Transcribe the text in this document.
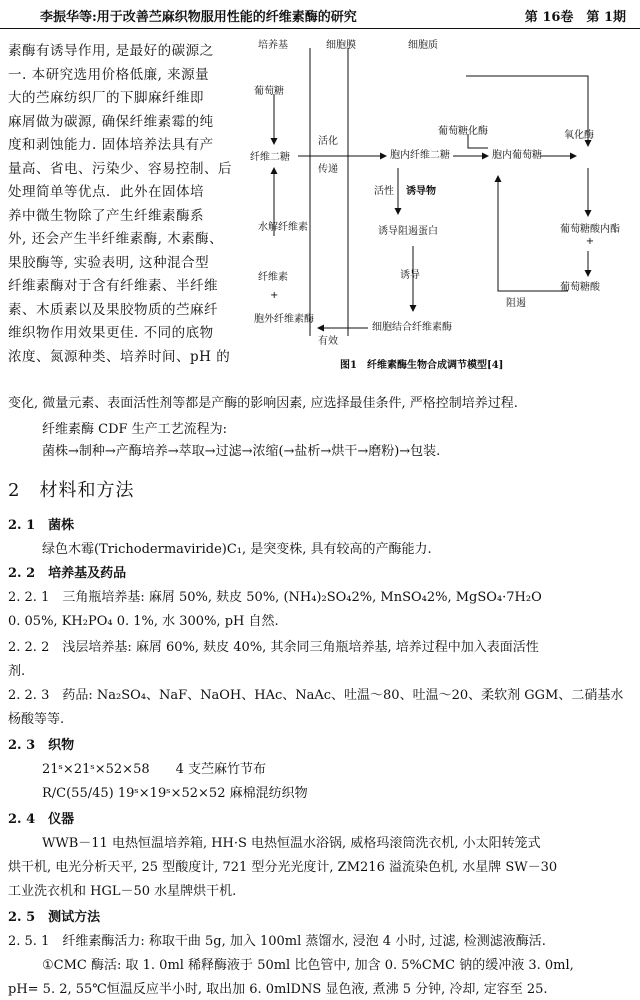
李振华等:用于改善苎麻织物服用性能的纤维素酶的研究	第 16卷　第 1期
素酶有诱导作用, 是最好的碳源之
一. 本研究选用价格低廉, 来源量
大的苎麻纺织厂的下脚麻纤维即
麻屑做为碳源, 确保纤维素霉的纯
度和剥蚀能力. 固体培养法具有产
量高、省电、污染少、容易控制、后
处理简单等优点．此外在固体培
养中微生物除了产生纤维素酶系
外, 还会产生半纤维素酶, 木素酶、
果胶酶等, 实验表明, 这种混合型
纤维素酶对于含有纤维素、半纤维
素、木质素以及果胶物质的苎麻纤
维织物作用效果更佳. 不同的底物
浓度、氮源种类、培养时间、pH 的
培养基	细胞膜	细胞质
葡萄糖
活化
传递
纤维二糖	胞内纤维二糖
葡萄糖化酶
胞内葡萄糖
氧化酶
活性 诱导物
水解纤维素	诱导阻遏蛋白	葡萄糖酸内酯+
纤维素
+
诱导
阻遏
葡萄糖酸
胞外纤维素酶
有效
细胞结合纤维素酶
图1　纤维素酶生物合成调节模型[4]
变化, 微量元素、表面活性剂等都是产酶的影响因素, 应选择最佳条件, 严格控制培养过程.
纤维素酶 CDF 生产工艺流程为:
菌株→制种→产酶培养→萃取→过滤→浓缩(→盐析→烘干→磨粉)→包装.
2　材料和方法
2. 1　菌株
绿色木霉(Trichodermaviride)C₁, 是突变株, 具有较高的产酶能力.
2. 2　培养基及药品
2. 2. 1　三角瓶培养基: 麻屑 50%, 麸皮 50%, (NH₄)₂SO₄2%, MnSO₄2%, MgSO₄·7H₂O
0. 05%, KH₂PO₄ 0. 1%, 水 300%, pH 自然.
2. 2. 2　浅层培养基: 麻屑 60%, 麸皮 40%, 其余同三角瓶培养基, 培养过程中加入表面活性
剂.
2. 2. 3　药品: Na₂SO₄、NaF、NaOH、HAc、NaAc、吐温～80、吐温～20、柔软剂 GGM、二硝基水
杨酸等等.
2. 3　织物
21ˢ×21ˢ×52×58　　4 支苎麻竹节布
R/C(55/45) 19ˢ×19ˢ×52×52 麻棉混纺织物
2. 4　仪器
WWB－11 电热恒温培养箱, HH·S 电热恒温水浴锅, 威格玛滚筒洗衣机, 小太阳转笼式
烘干机, 电光分析天平, 25 型酸度计, 721 型分光光度计, ZM216 溢流染色机, 水星牌 SW－30
工业洗衣机和 HGL－50 水星牌烘干机.
2. 5　测试方法
2. 5. 1　纤维素酶活力: 称取干曲 5g, 加入 100ml 蒸馏水, 浸泡 4 小时, 过滤, 检测滤液酶活.
①CMC 酶活: 取 1. 0ml 稀释酶液于 50ml 比色管中, 加含 0. 5%CMC 钠的缓冲液 3. 0ml,
pH= 5. 2, 55℃恒温反应半小时, 取出加 6. 0mlDNS 显色液, 煮沸 5 分钟, 冷却, 定容至 25.
